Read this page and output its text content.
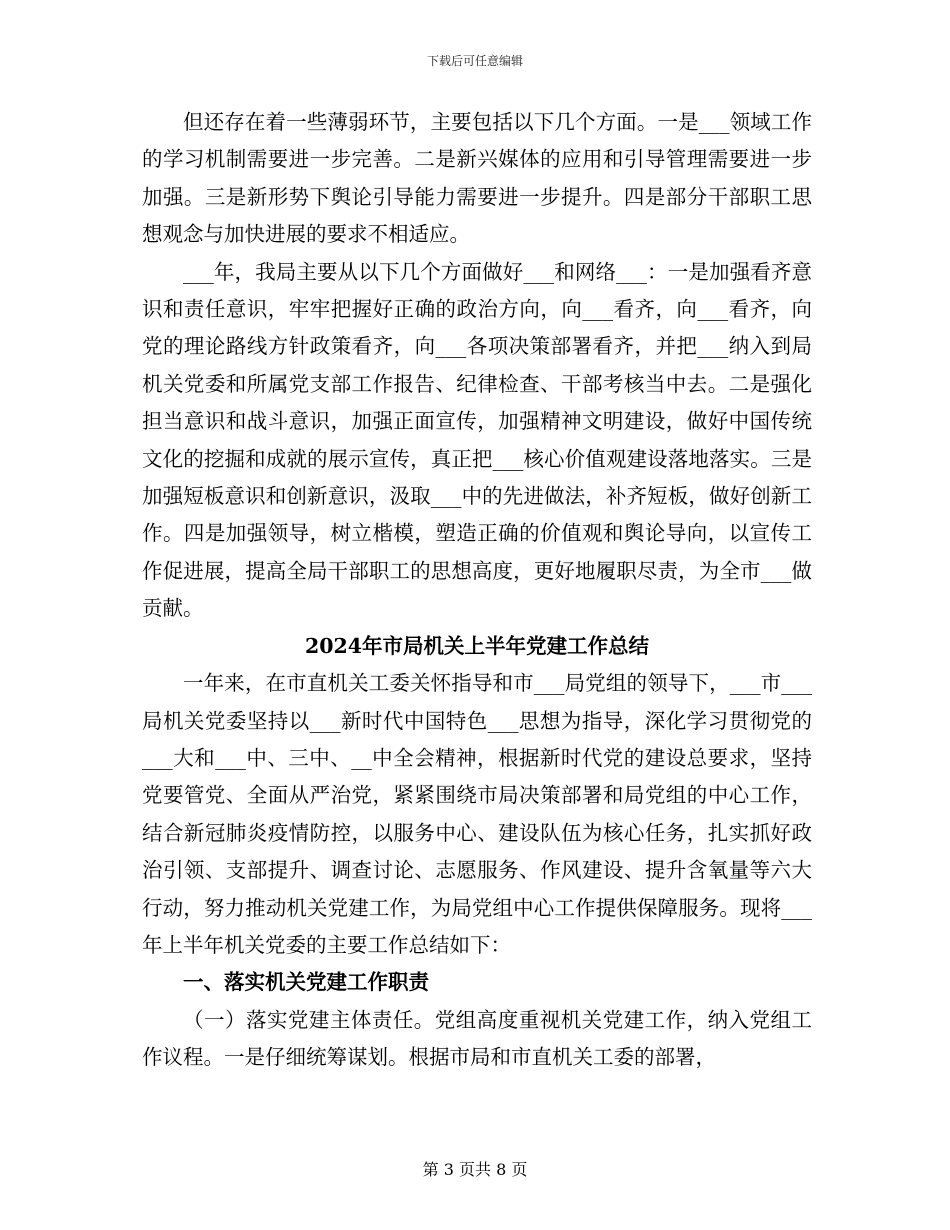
下载后可任意编辑

但还存在着一些薄弱环节，主要包括以下几个方面。一是___领域工作的学习机制需要进一步完善。二是新兴媒体的应用和引导管理需要进一步加强。三是新形势下舆论引导能力需要进一步提升。四是部分干部职工思想观念与加快进展的要求不相适应。

___年，我局主要从以下几个方面做好___和网络___：一是加强看齐意识和责任意识，牢牢把握好正确的政治方向，向___看齐，向___看齐，向党的理论路线方针政策看齐，向___各项决策部署看齐，并把___纳入到局机关党委和所属党支部工作报告、纪律检查、干部考核当中去。二是强化担当意识和战斗意识，加强正面宣传，加强精神文明建设，做好中国传统文化的挖掘和成就的展示宣传，真正把___核心价值观建设落地落实。三是加强短板意识和创新意识，汲取___中的先进做法，补齐短板，做好创新工作。四是加强领导，树立楷模，塑造正确的价值观和舆论导向，以宣传工作促进展，提高全局干部职工的思想高度，更好地履职尽责，为全市___做贡献。

2024年市局机关上半年党建工作总结

一年来，在市直机关工委关怀指导和市___局党组的领导下，___市___局机关党委坚持以___新时代中国特色___思想为指导，深化学习贯彻党的___大和___中、三中、__中全会精神，根据新时代党的建设总要求，坚持党要管党、全面从严治党，紧紧围绕市局决策部署和局党组的中心工作，结合新冠肺炎疫情防控，以服务中心、建设队伍为核心任务，扎实抓好政治引领、支部提升、调查讨论、志愿服务、作风建设、提升含氧量等六大行动，努力推动机关党建工作，为局党组中心工作提供保障服务。现将___年上半年机关党委的主要工作总结如下：

一、落实机关党建工作职责

（一）落实党建主体责任。党组高度重视机关党建工作，纳入党组工作议程。一是仔细统筹谋划。根据市局和市直机关工委的部署，

第 3 页共 8 页
